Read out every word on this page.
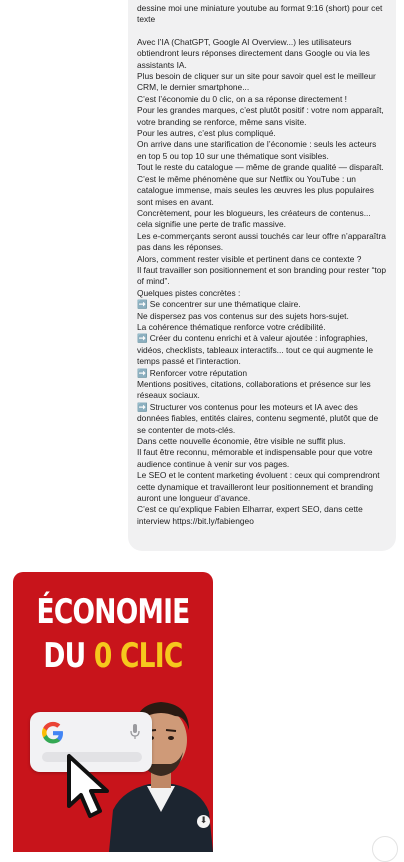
dessine moi une miniature youtube au format 9:16 (short) pour cet texte

Avec l’IA (ChatGPT, Google AI Overview...) les utilisateurs obtiendront leurs réponses directement dans Google ou via les assistants IA.

Plus besoin de cliquer sur un site pour savoir quel est le meilleur CRM, le dernier smartphone...

C’est l’économie du 0 clic, on a sa réponse directement !

Pour les grandes marques, c’est plutôt positif : votre nom apparaît, votre branding se renforce, même sans visite.

Pour les autres, c’est plus compliqué.

On arrive dans une starification de l’économie : seuls les acteurs en top 5 ou top 10 sur une thématique sont visibles.

Tout le reste du catalogue — même de grande qualité — disparaît.

C’est le même phénomène que sur Netflix ou YouTube : un catalogue immense, mais seules les œuvres les plus populaires sont mises en avant.

Concrètement, pour les blogueurs, les créateurs de contenus... cela signifie une perte de trafic massive.

Les e-commerçants seront aussi touchés car leur offre n’apparaîtra pas dans les réponses.

Alors, comment rester visible et pertinent dans ce contexte ?

Il faut travailler son positionnement et son branding pour rester “top of mind”.

Quelques pistes concrètes :

➡️ Se concentrer sur une thématique claire.

Ne dispersez pas vos contenus sur des sujets hors-sujet.

La cohérence thématique renforce votre crédibilité.

➡️ Créer du contenu enrichi et à valeur ajoutée : infographies, vidéos, checklists, tableaux interactifs... tout ce qui augmente le temps passé et l’interaction.

➡️ Renforcer votre réputation

Mentions positives, citations, collaborations et présence sur les réseaux sociaux.

➡️ Structurer vos contenus pour les moteurs et IA avec des données fiables, entités claires, contenu segmenté, plutôt que de se contenter de mots-clés.

Dans cette nouvelle économie, être visible ne suffit plus.

Il faut être reconnu, mémorable et indispensable pour que votre audience continue à venir sur vos pages.

Le SEO et le content marketing évoluent : ceux qui comprendront cette dynamique et travailleront leur positionnement et branding auront une longueur d’avance.

C’est ce qu’explique Fabien Elharrar, expert SEO, dans cette interview https://bit.ly/fabiengeo

ÉCONOMIE
DU 0 CLIC
⬇
